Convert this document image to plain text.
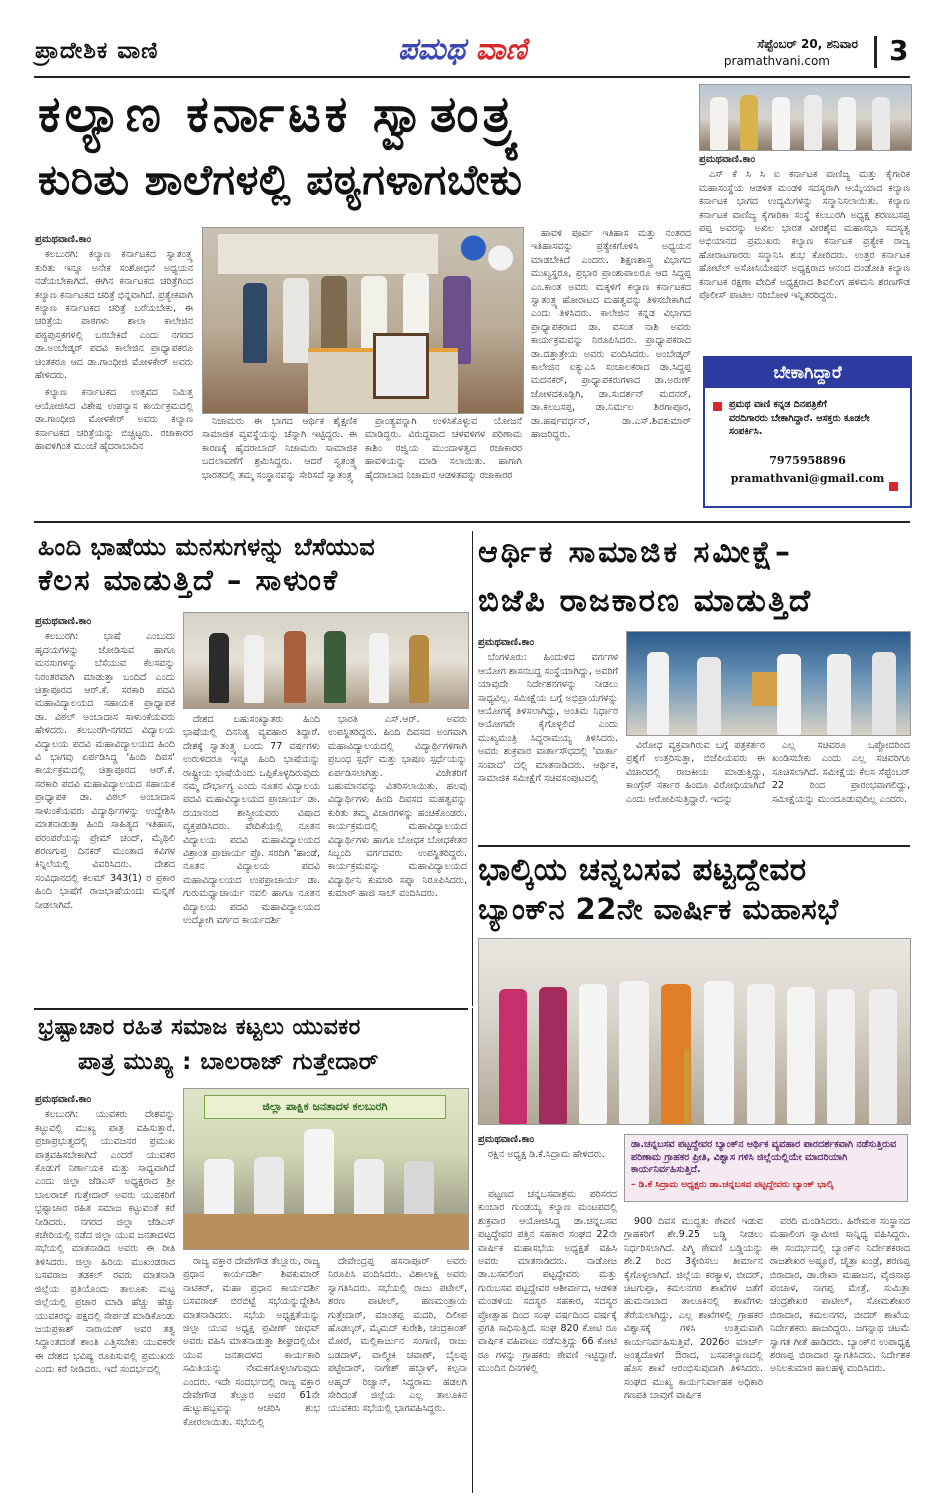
ಪ್ರಾದೇಶಿಕ ವಾಣಿ	ಪಮಥ ವಾಣಿ	ಸೆಪ್ಟೆಂಬರ್ 20, ಶನಿವಾರ
pramathvani.com 3
ಕಲ್ಯಾಣ ಕರ್ನಾಟಕ ಸ್ವಾತಂತ್ರ್ಯ
ಕುರಿತು ಶಾಲೆಗಳಲ್ಲಿ ಪಠ್ಯಗಳಾಗಬೇಕು
ಪ್ರಮಥವಾಣಿ.ಕಾಂ

ಕಲಬುರಗಿ: ಕಲ್ಯಾಣ ಕರ್ನಾಟಕದ ಸ್ವಾತಂತ್ರ್ಯ ಕುರಿತು ಇನ್ನೂ ಅನೇಕ ಸಂಶೋಧನೆ ಅಧ್ಯಯನ ನಡೆಯಬೇಕಾಗಿದೆ. ಈಗಿನ ಕರ್ನಾಟಕದ ಚರಿತ್ರೆಗಿಂದ ಕಲ್ಯಾಣ ಕರ್ನಾಟಕದ ಚರಿತ್ರೆ ಭಿನ್ನವಾಗಿದೆ. ಪ್ರತ್ಯೇಕವಾಗಿ ಕಲ್ಯಾಣ ಕರ್ನಾಟಕದ ಚರಿತ್ರೆ ಬರೆಯಬೇಕು, ಈ ಚರಿತ್ರೆಯ ಪಾಠಗಳು ಶಾಲಾ ಕಾಲೇಜಿನ ಪಠ್ಯಪುಸ್ತಕಗಳಲ್ಲಿ ಬರಬೇಕಿದೆ ಎಂದು ನಗರದ ಡಾ.ಅಂಬೇಡ್ಕರ್ ಪದವಿ ಕಾಲೇಜಿನ ಪ್ರಾಧ್ಯಾಪಕರೂ ಚಿಂತಕರೂ ಆದ ಡಾ.ಗಾಂಧೀಜಿ ಮೋಳಕೇರ್ ಅವರು ಹೇಳಿದರು.

ಕಲ್ಯಾಣ ಕರ್ನಾಟಕದ ಉತ್ಸವದ ನಿಮಿತ್ತ ಆಯೋಜಿಸಿದ ವಿಶೇಷ ಉಪನ್ಯಾಸ ಕಾರ್ಯಕ್ರಮದಲ್ಲಿ ಡಾ.ಗಾಂಧೀಜಿ ಮೋಳಕೇರ್ ಅವರು ಕಲ್ಯಾಣ ಕರ್ನಾಟಕದ ಚರಿತ್ರೆಯನ್ನು ಬಿಚ್ಚಿಟ್ಟರು. ರಜಾಕಾರರ ಹಾವಳಿಗಿಂತ ಮುಂಚೆ ಹೈದರಾಬಾದಿನ

ನಿಜಾಮರು ಈ ಭಾಗದ ಆರ್ಥಿಕ ಶೈಕ್ಷಣಿಕ ಸಾಮಾಜಿಕ ವ್ಯವಸ್ಥೆಯನ್ನು ಚೆನ್ನಾಗಿ ಇಟ್ಟಿದ್ದರು. ಈ ಕಾರಣಕ್ಕೆ ಹೈದರಾಬಾದ್ ನಿಜಾಮರು ಸಾಮಾಜಿಕ ಬದಲಾವಣೆಗೆ ಶ್ರಮಿಸಿದ್ದರು. ಆದರೆ ಸ್ವತಂತ್ರ್ಯ ಭಾರತದಲ್ಲಿ ತಮ್ಮ ಸಂಸ್ಥಾನವನ್ನು ಸೇರಿಸದೆ ಸ್ವಾತಂತ್ರ್ಯ

ಪ್ರಾಂತ್ಯವನ್ನಾಗಿ ಉಳಿಸಿಕೊಳ್ಳುವ ಯೋಜನೆ ಮಾಡಿದ್ದರು. ವಿರುದ್ಧವಾದ ಚಳವಳಿಗಳ ಪರಿಣಾಮ ಕಾಶಿಂ ರಜ್ವಿಯ ಮುಂದಾಳತ್ವದ ರಜಾಕಾರರ ಹಾವಳಿಯನ್ನು ಮಾಡಿ ಸಲಾಯಿತು. ಹಾಗಾಗಿ ಹೈದರಾಬಾದ ನಿಜಾಮರ ಆಡಳಿತವನ್ನು ರಜಾಕಾರರ

ಹಾವಳಿ ಪೂರ್ವ ಇತಿಹಾಸ ಮತ್ತು ನಂತರದ ಇತಿಹಾಸವನ್ನು ಪ್ರತ್ಯೇಕಗೊಳಿಸಿ ಅಧ್ಯಯನ ಮಾಡಬೇಕಿದೆ ಎಂದರು. ಶಿಕ್ಷಣಶಾಸ್ತ್ರ ವಿಭಾಗದ ಮುಖ್ಯಸ್ಥರೂ, ಪ್ರಭಾರ ಪ್ರಾಂಶುಪಾಲರೂ ಆದ ಸಿದ್ದಪ್ಪ ಎಂ.ಕಾಂತ ಅವರು ಮಕ್ಕಳಿಗೆ ಕಲ್ಯಾಣ ಕರ್ನಾಟಕದ ಸ್ವಾತಂತ್ರ್ಯ ಹೋರಾಟದ ಮಹತ್ವವನ್ನು ತಿಳಿಸಬೇಕಾಗಿದೆ ಎಂದು ತಿಳಿಸಿದರು. ಕಾಲೇಜಿನ ಕನ್ನಡ ವಿಭಾಗದ ಪ್ರಾಧ್ಯಾಪಕರಾದ ಡಾ. ವಸಂತ ನಾಶಿ ಅವರು ಕಾರ್ಯಕ್ರಮವನ್ನು ನಿರೂಪಿಸಿದರು. ಪ್ರಾಧ್ಯಾಪಕರಾದ ಡಾ.ದತ್ತಾತ್ರೇಯ ಅವರು ವಂದಿಸಿದರು. ಅಂಬೇಡ್ಕರ್ ಕಾಲೇಜಿನ ಐಕ್ಯುಎಸಿ ಸಂಚಾಲಕರಾದ ಡಾ.ಸಿದ್ದಪ್ಪ ಮದನಕರ್, ಪ್ರಾಧ್ಯಾಪಕರುಗಳಾದ ಡಾ.ಅರುಣ್ ಜೋಳದಕೂಡ್ಲಿಗಿ, ಡಾ.ಸುದರ್ಶನ್ ಮದನರ್, ಡಾ.ಕಲಬಸಪ್ಪ, ಡಾ.ನಿರ್ಮಲ ಶಿರಗಾಪೂರ, ಡಾ.ಹರ್ಷವರ್ಧನ್, ಡಾ.ಎಸ್.ಶಿವಕುಮಾರ್ ಹಾಜರಿದ್ದರು.

ಪ್ರಮಥವಾಣಿ.ಕಾಂ

ಎಸ್ ಕೆ ಸಿ ಸಿ ಐ ಕರ್ನಾಟಕ ವಾಣಿಜ್ಯ ಮತ್ತು ಕೈಗಾರಿಕ ಮಹಾಸಂಸ್ಥೆಯ ಆಡಳಿತ ಮಂಡಳಿ ಸದಸ್ಯರಾಗಿ ಆಯ್ಕೆಯಾದ ಕಲ್ಯಾಣ ಕರ್ನಾಟಕ ಭಾಗದ ಉದ್ಯಮಿಗಳನ್ನು ಸನ್ಮಾನಿಸಲಾಯಿತು. ಕಲ್ಯಾಣ ಕರ್ನಾಟಕ ವಾಣಿಜ್ಯ ಕೈಗಾರಿಕಾ ಸಂಸ್ಥೆ ಕಲಬುರಗಿ ಅಧ್ಯಕ್ಷ ಶರಣಬಸಪ್ಪ ಪಪ್ಪ ಅವರನ್ನು ಅಖಿಲ ಭಾರತ ವೀರಶೈವ ಮಹಾಸಭಾ ಸದಸ್ಯತ್ವ ಅಭಿಯಾನದ ಪ್ರಮುಖರು ಕಲ್ಯಾಣ ಕರ್ನಾಟಕ ಪ್ರತ್ಯೇಕ ರಾಜ್ಯ ಹೋರಾಟಗಾರರು ಸನ್ಮಾನಿಸಿ ಶುಭ ಕೋರಿದರು. ಉತ್ತರ ಕರ್ನಾಟಕ ಹೋಟೆಲ್ ಅಸೋಸಿಯೇಷನ್ ಅಧ್ಯಕ್ಷರಾದ ಆನಂದ ದಂಡೋತಿ ಕಲ್ಯಾಣ ಕರ್ನಾಟಕ ರಕ್ಷಣಾ ವೇದಿಕೆ ಅಧ್ಯಕ್ಷರಾದ ಶಿವಲಿಂಗ ಹಳಿಮನಿ ಶರಣಗೌಡ ಪೊಲೀಸ್ ಪಾಟೀಲ ನರಿಬೋಳ ಇನ್ನಿತರರಿದ್ದರು.

ಬೇಕಾಗಿದ್ದಾರೆ
ಪ್ರಮಥ ವಾಣಿ ಕನ್ನಡ ದಿನಪತ್ರಿಕೆಗೆ
ವರದಿಗಾರರು ಬೇಕಾಗಿದ್ದಾರೆ. ಆಸಕ್ತರು ಕೂಡಲೇ ಸಂಪರ್ಕಿಸಿ.
7975958896
pramathvani@gmail.com
ಹಿಂದಿ ಭಾಷೆಯು ಮನಸುಗಳನ್ನು ಬೆಸೆಯುವ
ಕೆಲಸ ಮಾಡುತ್ತಿದೆ – ಸಾಳುಂಕೆ
ಪ್ರಮಥವಾಣಿ.ಕಾಂ

ಕಲಬುರಗಿ: ಭಾಷೆ ಎಂಬುದು ಹೃದಯಗಳನ್ನು ಜೋಡಿಸುವ ಹಾಗೂ ಮನಸುಗಳನ್ನು ಬೆಸೆಯುವ ಕೆಲಸವನ್ನು ನಿರಂತರವಾಗಿ ಮಾಡುತ್ತಾ ಬಂದಿದೆ ಎಂದು ಚಿತ್ತಾಪೂರದ ಆರ್.ಕೆ. ಸರಕಾರಿ ಪದವಿ ಮಹಾವಿದ್ಯಾಲಯದ ಸಹಾಯಕ ಪ್ರಾಧ್ಯಾಪಕ ಡಾ. ವಿಠಲ್ ಅಂಬಾದಾಸ ಸಾಳುಂಕೆಯವರು ಹೇಳಿದರು. ಕಲಬುರಗಿ-ನಗರದ ವಿದ್ಯಾಲಯ ವಿದ್ಯಾಲಯ ಪದವಿ ಮಹಾವಿದ್ಯಾಲಯದ ಹಿಂದಿ ವಿ ಭಾಗವು ಏರ್ಪಡಿಸಿದ್ದ 'ಹಿಂದಿ ದಿವಸ' ಕಾರ್ಯಕ್ರಮದಲ್ಲಿ ಚಿತ್ತಾಪೂರದ ಆರ್.ಕೆ. ಸರಕಾರಿ ಪದವಿ ಮಹಾವಿದ್ಯಾಲಯದ ಸಹಾಯಕ ಪ್ರಾಧ್ಯಾಪಕ ಡಾ. ವಿಠಲ್ ಅಂಬಾದಾಸ ಸಾಳುಂಕೆಯವರು ವಿದ್ಯಾರ್ಥಿಗಳನ್ನು ಉದ್ದೇಶಿಸಿ ಮಾತನಾಡುತ್ತಾ ಹಿಂದಿ ಸಾಹಿತ್ಯದ ಇತಿಹಾಸ, ಪರಂಪರೆಯನ್ನು ಪ್ರೇಮ್ ಚಂದ್, ಮೈಥಿಲಿ ಶರಣಗುಪ್ತ ದಿನಕರ್ ಮುಂತಾದ ಕವಿಗಳ ಕಿನ್ನಿಲೆಯಲ್ಲಿ ವಿವರಿಸಿದರು. ದೇಶದ ಸಂವಿಧಾನದಲ್ಲಿ ಕಲಮ್ 343(1) ರ ಪ್ರಕಾರ ಹಿಂದಿ ಭಾಷೆಗೆ ರಾಜಭಾಷೆಯಂದು ಮನ್ನಣೆ ನೀಡಲಾಗಿದೆ.

ದೇಶದ ಬಹುಸಂಖ್ಯಾತರು ಹಿಂದಿ ಭಾಷೆಯಲ್ಲಿ ದಿನನಿತ್ಯ ವ್ಯವಹಾರ ತಿದ್ದಾರೆ. ದೇಶಕ್ಕೆ ಸ್ವಾತಂತ್ರ್ಯ ಬಂದು 77 ವರ್ಷಗಳು ಉರುಳಿದರೂ ಇನ್ನೂ ಹಿಂದಿ ಭಾಷೆಯನ್ನು ರಾಷ್ಟ್ರೀಯ ಭಾಷೆಯೆಂದು ಒಪ್ಪಿಕೊಳ್ಳದಿರುವುದು ನಮ್ಮ ದೌರ್ಭಾಗ್ಯ ಎಂದು ನೂತನ ವಿದ್ಯಾಲಯ ಪದವಿ ಮಹಾವಿದ್ಯಾಲಯದ ಪ್ರಾಚಾರ್ಯ ಡಾ. ದಯಾನಂದ ಶಾಸ್ತ್ರೀಯವರು ವಿಷಾದ ವ್ಯಕ್ತಪಡಿಸಿದರು. ವೇದಿಕೆಯಲ್ಲಿ ನೂತನ ವಿದ್ಯಾಲಯ ಪದವಿ ಮಹಾವಿದ್ಯಾಲಯದ ವಿಶ್ರಾಂತ ಪ್ರಾಚಾರ್ಯ ಪ್ರೊ. ಸರದಿಗಿ 'ಹಾಂಡೆ, ನೂತನ ವಿದ್ಯಾಲಯ ಪದವಿ ಮಹಾವಿದ್ಯಾಲಯದ ಉಪಪ್ರಾಚಾರ್ಯ ಡಾ. ಗುರುಮಧ್ವಾಚಾರ್ಯ ನವಲಿ ಹಾಗೂ ನೂತನ ವಿದ್ಯಾಲಯ ಪದವಿ ಮಹಾವಿದ್ಯಾಲಯದ ಉದ್ಯೋಗಿ ವರ್ಗದ ಕಾರ್ಯದರ್ಶಿ

ಭಾರತಿ ಎಸ್.ಆರ್. ಅವರು ಉಪಸ್ಥಿತರಿದ್ದರು. ಹಿಂದಿ ದಿವಸದ ಅಂಗವಾಗಿ ಮಹಾವಿದ್ಯಾಲಯದಲ್ಲಿ ವಿದ್ಯಾರ್ಥಿಗಳಿಗಾಗಿ ಪ್ರಬಂಧ ಸ್ಪರ್ಧೆ ಮತ್ತು ಭಾಷಣ ಸ್ಪರ್ಧೆಯನ್ನು ಏರ್ಪಡಿಸಲಾಗಿತ್ತು. ವಿಜೇತರಿಗೆ ಬಹುಮಾನವನ್ನು ವಿತರಿಸಲಾಯಿತು. ಹಲವು ವಿದ್ಯಾರ್ಥಿಗಳು ಹಿಂದಿ ದಿವಸದ ಮಹತ್ವವನ್ನು ಕುರಿತು ತಮ್ಮ ವಿಚಾರಗಳನ್ನು ಹಂಚಿಕೊಂಡರು. ಕಾರ್ಯಕ್ರಮದಲ್ಲಿ ಮಹಾವಿದ್ಯಾಲಯದ ವಿದ್ಯಾರ್ಥಿಗಳು ಹಾಗೂ ಬೋಧಕ ಬೋಧಕೇತರ ಸಿಬ್ಬಂದಿ ವರ್ಗದವರು ಉಪಸ್ಥಿತರಿದ್ದರು. ಕಾರ್ಯಕ್ರಮವನ್ನು ಮಹಾವಿದ್ಯಾಲಯದ ವಿದ್ಯಾರ್ಥಿನಿ ಕುಮಾರಿ ಸಪ್ನಾ ನಿರೂಪಿಸಿದರು, ಕುಮಾರ್ ಹಾಜಿ ಸಾಬ್ ವಂದಿಸಿದರು.

ಆರ್ಥಿಕ ಸಾಮಾಜಿಕ ಸಮೀಕ್ಷೆ–
ಬಿಜೆಪಿ ರಾಜಕಾರಣ ಮಾಡುತ್ತಿದೆ
ಪ್ರಮಥವಾಣಿ.ಕಾಂ

ಬೆಂಗಳೂರು: ಹಿಂದುಳಿದ ವರ್ಗಗಳ ಆಯೋಗ ಶಾಸನಬದ್ಧ ಸಂಸ್ಥೆಯಾಗಿದ್ದು, ಅವರಿಗೆ ಯಾವುದೇ ನಿರ್ದೇಶನಗಳನ್ನು ನೀಡಲು ಸಾಧ್ಯವಿಲ್ಲ. ಸಮೀಕ್ಷೆಯ ಬಗ್ಗೆ ಅಭಿಪ್ರಾಯಗಳನ್ನು ಆಯೋಗಕ್ಕೆ ತಿಳಿಸಲಾಗಿದ್ದು, ಅಂತಿಮ ನಿರ್ಧಾರ ಆಯೋಗವೇ ಕೈಗೊಳ್ಳಲಿದೆ ಎಂದು ಮುಖ್ಯಮಂತ್ರಿ ಸಿದ್ದರಾಮಯ್ಯ ತಿಳಿಸಿದರು. ಅವರು ಶುಕ್ರವಾರ ವಾರ್ತಾಸೌಧದಲ್ಲಿ 'ವಾರ್ತಾ ಸಂವಾದ' ದಲ್ಲಿ ಮಾತನಾಡಿದರು. ಆರ್ಥಿಕ, ಸಾಮಾಜಿಕ ಸಮೀಕ್ಷೆಗೆ ಸಚಿವಸಂಪುಟದಲ್ಲಿ

ವಿರೋಧ ವ್ಯಕ್ತವಾಗಿರುವ ಬಗ್ಗೆ ಪತ್ರಕರ್ತರ ಪ್ರಶ್ನೆಗೆ ಉತ್ತರಿಸುತ್ತಾ, ಬಿಜೆಪಿಯವರು ಈ ವಿಚಾರದಲ್ಲಿ ರಾಜಕೀಯ ಮಾಡುತ್ತಿದ್ದು, ಕಾಂಗ್ರೆಸ್ ಸರ್ಕಾರ ಹಿಂದೂ ವಿರೋಧಿಯಾಗಿದೆ ಎಂದು ಆರೋಪಿಸುತ್ತಿದ್ದಾರೆ. ಇದನ್ನು

ಎಲ್ಲ ಸಚಿವರೂ ಒಪ್ಪೋದರಿಂದ ಖಂಡಿಸಬೇಕು ಎಂದು ಎಲ್ಲ ಸಚಿವರಿಗೂ ಸೂಚಿಸಲಾಗಿದೆ. ಸಮೀಕ್ಷೆಯ ಕೆಲಸ ಸೆಪ್ಟೆಂಬರ್ 22 ರಿಂದ ಪ್ರಾರಂಭವಾಗಲಿದ್ದು, ಸಮೀಕ್ಷೆಯನ್ನು ಮುಂದೂಡುವುದಿಲ್ಲ ಎಂದರು.

ಭಾಲ್ಕಿಯ ಚನ್ನಬಸವ ಪಟ್ಟದ್ದೇವರ
ಬ್ಯಾಂಕ್‌ನ 22ನೇ ವಾರ್ಷಿಕ ಮಹಾಸಭೆ
ಪ್ರಮಥವಾಣಿ.ಕಾಂ

ರಕ್ಷಿನ ಅಧ್ಯಕ್ಷ ಡಿ.ಕೆ.ಸಿದ್ರಾಮ ಹೇಳಿದರು.

ಡಾ.ಚನ್ನಬಸವ ಪಟ್ಟದ್ದೇವರ ಬ್ಯಾಂಕ್‌ನ ಆರ್ಥಿಕ ವ್ಯವಹಾರ ಪಾರದರ್ಶಕವಾಗಿ ನಡೆಸುತ್ತಿರುವ ಪರಿಣಾಮ ಗ್ರಾಹಕರ ಪ್ರೀತಿ, ವಿಶ್ವಾಸ ಗಳಿಸಿ ಜಿಲ್ಲೆಯಲ್ಲಿಯೇ ಮಾದರಿಯಾಗಿ ಕಾರ್ಯನಿರ್ವಹಿಸುತ್ತಿದೆ.
– ಡಿ.ಕೆ ಸಿದ್ರಾಮ ಅಧ್ಯಕ್ಷರು ಡಾ.ಚನ್ನಬಸವ ಪಟ್ಟದ್ದೇವರು ಬ್ಯಾಂಕ್ ಭಾಲ್ಕಿ

ಪಟ್ಟಣದ ಚನ್ನಬಸವಾಶ್ರಮ ಪರಿಸರದ ಕುಂಬಾರ ಗುಂಡಯ್ಯ ಕಲ್ಯಾಣ ಮಂಟಪದಲ್ಲಿ ಶುಕ್ರವಾರ ಆಯೋಜಿಸಿದ್ದ ಡಾ.ಚನ್ನಬಸವ ಪಟ್ಟದ್ದೇವರ ಪತ್ತಿನ ಸಹಕಾರ ಸಂಘದ 22ನೇ ವಾರ್ಷಿಕ ಮಹಾಸಭೆಯ ಅಧ್ಯಕ್ಷತೆ ವಹಿಸಿ ಅವರು ಮಾತನಾಡಿದರು. ನಾಡೋಜ ಡಾ.ಬಸವಲಿಂಗ ಪಟ್ಟದ್ದೇವರು ಮತ್ತು ಗುರುಬಸವ ಪಟ್ಟದ್ದೇವರ ಆಶೀರ್ವಾದ, ಆಡಳಿತ ಮಂಡಳಿಯ ಸದಸ್ಯರ ಸಹಕಾರ, ಸದಸ್ಯರ ಪ್ರೋತ್ಸಾಹ ದಿಂದ ಸಂಘ ವರ್ಷದಿಂದ ವರ್ಷಕ್ಕೆ ಪ್ರಗತಿ ಸಾಧಿಸುತ್ತಿದೆ. ಸಂಘ 820 ಕೋಟಿ ರೂ ವಾರ್ಷಿಕ ವಹಿವಾಟು ನಡೆಸುತ್ತಿದ್ದು 66 ಕೋಟಿ ರೂ ಗಳನ್ನು ಗ್ರಾಹಕರು ಠೇವಣಿ ಇಟ್ಟಿದ್ದಾರೆ. ಮುಂದಿನ ದಿನಗಳಲ್ಲಿ

900 ದಿವಸ ಮುದ್ದತು ಠೇವಣಿ ಇಡುವ ಗ್ರಾಹಕರಿಗೆ ಶೇ.9.25 ಬಡ್ಡಿ ನೀಡಲು ನಿರ್ಧರಿಸಲಾಗಿದೆ. ಪಿಗ್ಮಿ ಠೇವಣಿ ಬಡ್ಡಿಯನ್ನು ಶೇ.2 ರಿಂದ 3ಕ್ಕೇರಿಸಲು ತೀರ್ಮಾನ ಕೈಗೊಳ್ಳಲಾಗಿದೆ. ಜಿಲ್ಲೆಯ ಕರಕ್ಯಾಳ, ಬೀದರ್, ಚಿಟಗುಪ್ಪಾ, ಕಮಲನಗರ ಶಾಖೆಗಳ ಜತೆಗೆ ಹುಮನಾಬಾದ ತಾಲೂಕಿನಲ್ಲಿ ಶಾಖೆಗಳು ತೆರೆಯಲಾಗಿದ್ದು, ಎಲ್ಲ ಶಾಖೆಗಳಲ್ಲಿ ಗ್ರಾಹಕರ ವಿಶ್ವಾಸಕ್ಕೆ ಗಳಿಸಿ ಉತ್ತಮವಾಗಿ ಕಾರ್ಯನಿರ್ವಹಿಸುತ್ತಿವೆ. 2026ರ ಮಾರ್ಚ್ ಅಂತ್ಯದೊಳಗೆ ಔರಾದ, ಬಸವಕಲ್ಯಾಣದಲ್ಲಿ ಹೊಸ ಶಾಖೆ ಆರಂಭಿಸುವುದಾಗಿ ತಿಳಿಸಿದರು. ಸಂಘದ ಮುಖ್ಯ ಕಾರ್ಯನಿರ್ವಾಹಕ ಅಧಿಕಾರಿ ಗಣಪತಿ ಬಾವುಗೆ ವಾರ್ಷಿಕ

ವರದಿ ಮಂಡಿಸಿದರು. ಹಿರೇಮಠ ಸಂಸ್ಥಾನದ ಮಹಾಲಿಂಗ ಸ್ವಾಮೀಜಿ ಸಾನ್ನಿಧ್ಯ ವಹಿಸಿದ್ದರು. ಈ ಸಂದರ್ಭದಲ್ಲಿ ಬ್ಯಾಂಕ್‌ನ ನಿರ್ದೇಶಕರಾದ ರಾಜಶೇಖರ ಅಷ್ಟೂರೆ, ಚೈತ್ರಾ ಖಂಡ್ರೆ, ಶರಣಪ್ಪ ಬಿರಾದಾರ, ಡಾ.ರೇಖಾ ಮಹಾಜನ, ವೈಜಿನಾಥ ಪಂಚಾಳ, ನಾಗಪ್ಪ ಮೇತ್ರೆ, ಸುಮಿತ್ರಾ ಚಂದ್ರಶೇಖರ ಪಾಟೀಲ್, ಸೋಮಶೇಖರ ಬಿರಾದಾರ, ಕಮಲನಗರ, ಬೀದರ್ ಶಾಖೆಯ ನಿರ್ದೇಶಕರು ಹಾಜರಿದ್ದರು. ಜಗನ್ನಾಥ ಚಿಟಮೆ ಸ್ವಾಗತ ಗೀತೆ ಹಾಡಿದರು. ಬ್ಯಾಂಕ್‌ನ ಉಪಾಧ್ಯಕ್ಷ ಶರಣಪ್ಪ ಬಿರಾದಾರ ಸ್ವಾಗತಿಸಿದರು. ನಿರ್ದೇಶಕ ಅನಿಲಕುಮಾರ ಹಾಲಹಳ್ಳಿ ವಂದಿಸಿದರು.

ಭ್ರಷ್ಟಾಚಾರ ರಹಿತ ಸಮಾಜ ಕಟ್ಟಲು ಯುವಕರ
ಪಾತ್ರ ಮುಖ್ಯ : ಬಾಲರಾಜ್ ಗುತ್ತೇದಾರ್
ಜಿಲ್ಲಾ ಪಾಕ್ಷಿಕ ಜನತಾದಳ ಕಲಬುರಗಿ
ಪ್ರಮಥವಾಣಿ.ಕಾಂ

ಕಲಬುರಗಿ: ಯುವಕರು ದೇಶವನ್ನು ಕಟ್ಟುವಲ್ಲಿ ಮುಖ್ಯ ಪಾತ್ರ ವಹಿಸುತ್ತಾರೆ. ಪ್ರಜಾಪ್ರಭುತ್ವದಲ್ಲಿ ಯುವಜನರ ಪ್ರಮುಖ ಪಾತ್ರವಹಿಸಬೇಕಾಗಿದೆ ಎಂದರೆ ಯುವಕರ ಕೊಡುಗೆ ನಿರ್ಣಾಯಕ ಮತ್ತು ಸಾಧ್ಯವಾಗಿದೆ ಎಂದು ಜಿಲ್ಲಾ ಜೆಡಿಎಸ್ ಅಧ್ಯಕ್ಷರಾದ ಶ್ರೀ ಬಾಲರಾಜ್ ಗುತ್ತೇದಾರ್ ಅವರು ಯುವಕರಿಗೆ ಭ್ರಷ್ಟಾಚಾರ ರಹಿತ ಸಮಾಜ ಕಟ್ಟುವಂತೆ ಕರೆ ನೀಡಿದರು. ನಗರದ ಜಿಲ್ಲಾ ಜೆಡಿಎಸ್ ಕಚೇರಿಯಲ್ಲಿ ನಡೆದ ಜಿಲ್ಲಾ ಯುವ ಜನತಾದಳದ ಸಭೆಯಲ್ಲಿ ಮಾತನಾಡಿದ ಅವರು ಈ ರೀತಿ ತಿಳಿಸಿದರು. ಜಿಲ್ಲಾ ಹಿರಿಯ ಮುಖಂಡರಾದ ಬಸವರಾಜ ತಡಕಲ್ ರವರು ಮಾತನಾಡಿ ಜಿಲ್ಲೆಯ ಪ್ರತಿಯೊಂದು ತಾಲೂಕು ಮಟ್ಟ ಜಿಲ್ಲೆಯಲ್ಲಿ ಪ್ರಚಾರ ಮಾಡಿ ಹೆಚ್ಚು ಹೆಚ್ಚು ಯುವಕರನ್ನು ಪಕ್ಷದಲ್ಲಿ ಸೇರ್ಪಡೆ ಮಾಡಿಕೊಂಡು ಜಯಪ್ರಕಾಶ್ ನಾರಾಯಣ್ ಅವರ ತತ್ವ ಸಿದ್ಧಾಂತದಂತೆ ಶಾಂತಿ ಎತ್ತಿಸಬೇಕು ಯುವಕರೇ ಈ ದೇಶದ ಭವಿಷ್ಯ ರೂಪಿಸುವಲ್ಲಿ ಪ್ರಮುಖರು ಎಂದು ಕರೆ ನೀಡಿದರು. ಇದೆ ಸಂದರ್ಭದಲ್ಲಿ

ರಾಜ್ಯ ವಕ್ತಾರ ದೇವೇಗೌಡ ತೆಲ್ಲೂರು, ರಾಜ್ಯ ಪ್ರಧಾನ ಕಾರ್ಯದರ್ಶಿ ಶಿವಕುಮಾರ್ ನಾಟಿಕರ್, ಮಹಾ ಪ್ರಧಾನ ಕಾರ್ಯದರ್ಶಿ ಬಸವರಾಜ್ ಬಿರಬಿಟ್ಟೆ ಸಭೆಯನ್ನುದ್ದೇಶಿಸಿ ಮಾತನಾಡಿದರು. ಸಭೆಯ ಅಧ್ಯಕ್ಷತೆಯನ್ನು ಜಿಲ್ಲಾ ಯುವ ಅಧ್ಯಕ್ಷ ಪ್ರವೀಣ್ ಜಾಧವ್ ಅವರು ವಹಿಸಿ ಮಾತನಾಡುತ್ತಾ ಶೀಘ್ರದಲ್ಲಿಯೇ ಯುವ ಜನತಾದಳದ ಕಾರ್ಯಕಾರಿ ಸಮಿತಿಯನ್ನು ನೇಮಕಗೊಳ್ಳಲಾಗುವುದು ಎಂದರು. ಇದೇ ಸಂದರ್ಭದಲ್ಲಿ ರಾಜ್ಯ ವಕ್ತಾರ ದೇವೇಗೌಡ ತೆಲ್ಲೂರ ಅವರ 61ನೇ ಹುಟ್ಟುಹಬ್ಬವನ್ನು ಆಚರಿಸಿ ಶುಭ ಕೋರಲಾಯಿತು. ಸಭೆಯಲ್ಲಿ

ದೇವೇಂದ್ರಪ್ಪ ಹಸನಾಪೂರ್ ಅವರು ನಿರೂಪಿಸಿ ವಂದಿಸಿದರು. ವಿಶಾಲಾಕ್ಷಿ ಅವರು ಸ್ವಾಗತಿಸಿದರು. ಸಭೆಯಲ್ಲಿ ರಾಜು ಪಟೇಲ್, ಶರಣ ಪಾಟೀಲ್, ಹಣಮಂತ್ರಾಯ ಗುತ್ತೇದಾರ್, ಮಾಂತಪ್ಪ ಮದರಿ, ದಿಲೀಪ ಹೊಡಲ್ಕರ್, ಮೈಮದ್ ಕುರೇಶಿ, ಚಂದ್ರಕಾಂತ್ ಮೋರೆ, ಮಲ್ಲಿಕಾರ್ಜುನ ಸಂಗಾಣಿ, ರಾಜು ಬಡದಾಳ್, ವಾಲ್ಮೀಕಿ ಚವಾಣ್, ಬೈಲಪ್ಪ ಪಟ್ಟೇದಾರ್, ನಾಗೇಶ್ ಹಬ್ಬಾಳ್, ಕಲ್ಪನಾ ಅಹ್ಮದ್ ರಿಜ್ವಾನ್, ಸಿದ್ದರಾಮ ಹಡಲಗಿ ಸೇರಿದಂತೆ ಜಿಲ್ಲೆಯ ಎಲ್ಲ ತಾಲೂಕಿನ ಯುವಕರು ಸಭೆಯಲ್ಲಿ ಭಾಗವಹಿಸಿದ್ದರು.
